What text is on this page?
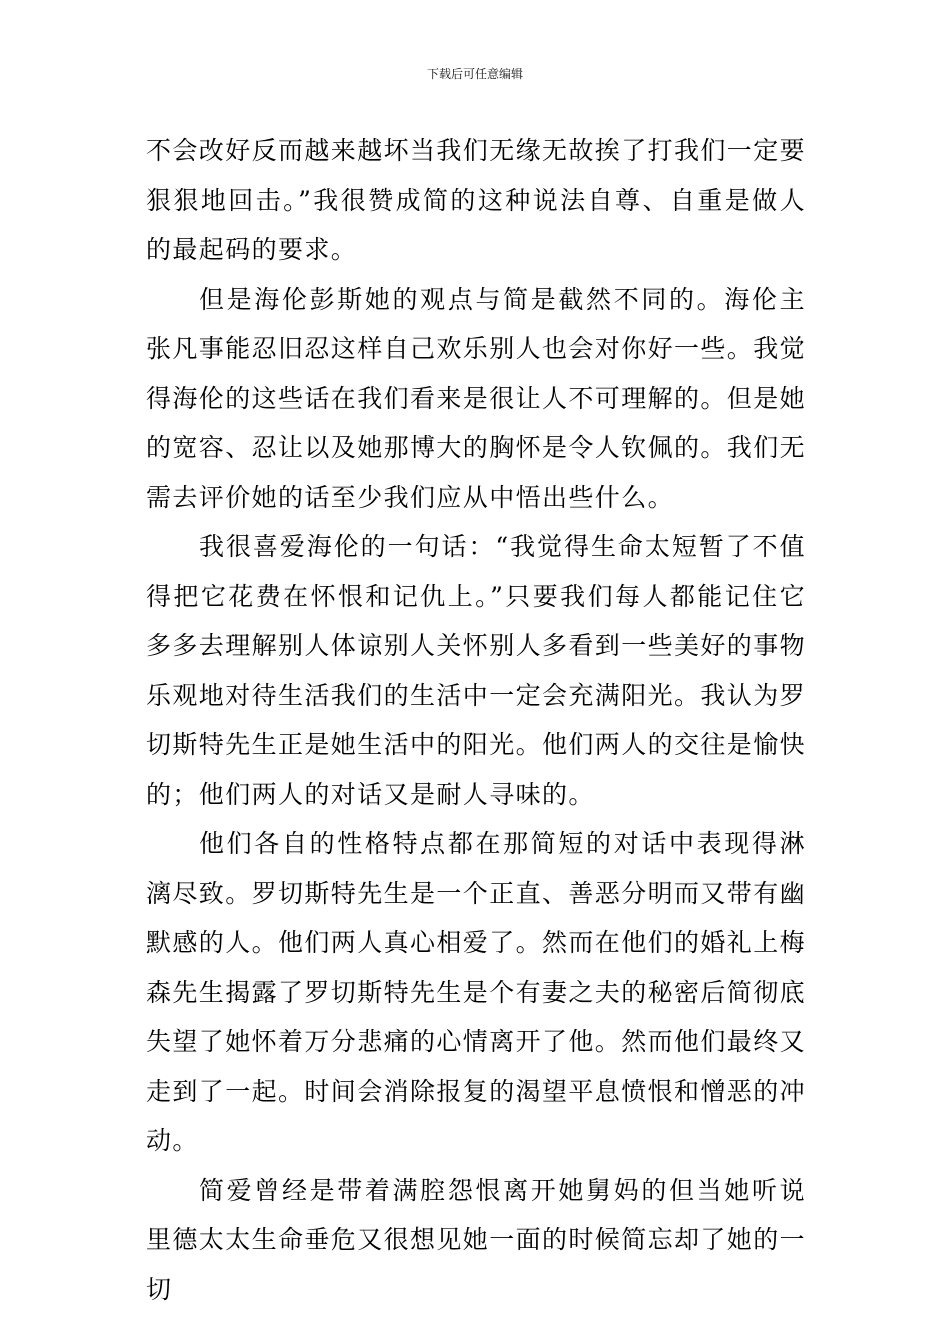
下载后可任意编辑

不会改好反而越来越坏当我们无缘无故挨了打我们一定要狠狠地回击。”我很赞成简的这种说法自尊、自重是做人的最起码的要求。

但是海伦彭斯她的观点与简是截然不同的。海伦主张凡事能忍旧忍这样自己欢乐别人也会对你好一些。我觉得海伦的这些话在我们看来是很让人不可理解的。但是她的宽容、忍让以及她那博大的胸怀是令人钦佩的。我们无需去评价她的话至少我们应从中悟出些什么。

我很喜爱海伦的一句话：“我觉得生命太短暂了不值得把它花费在怀恨和记仇上。”只要我们每人都能记住它多多去理解别人体谅别人关怀别人多看到一些美好的事物乐观地对待生活我们的生活中一定会充满阳光。我认为罗切斯特先生正是她生活中的阳光。他们两人的交往是愉快的；他们两人的对话又是耐人寻味的。

他们各自的性格特点都在那简短的对话中表现得淋漓尽致。罗切斯特先生是一个正直、善恶分明而又带有幽默感的人。他们两人真心相爱了。然而在他们的婚礼上梅森先生揭露了罗切斯特先生是个有妻之夫的秘密后简彻底失望了她怀着万分悲痛的心情离开了他。然而他们最终又走到了一起。时间会消除报复的渴望平息愤恨和憎恶的冲动。

简爱曾经是带着满腔怨恨离开她舅妈的但当她听说里德太太生命垂危又很想见她一面的时候简忘却了她的一切
